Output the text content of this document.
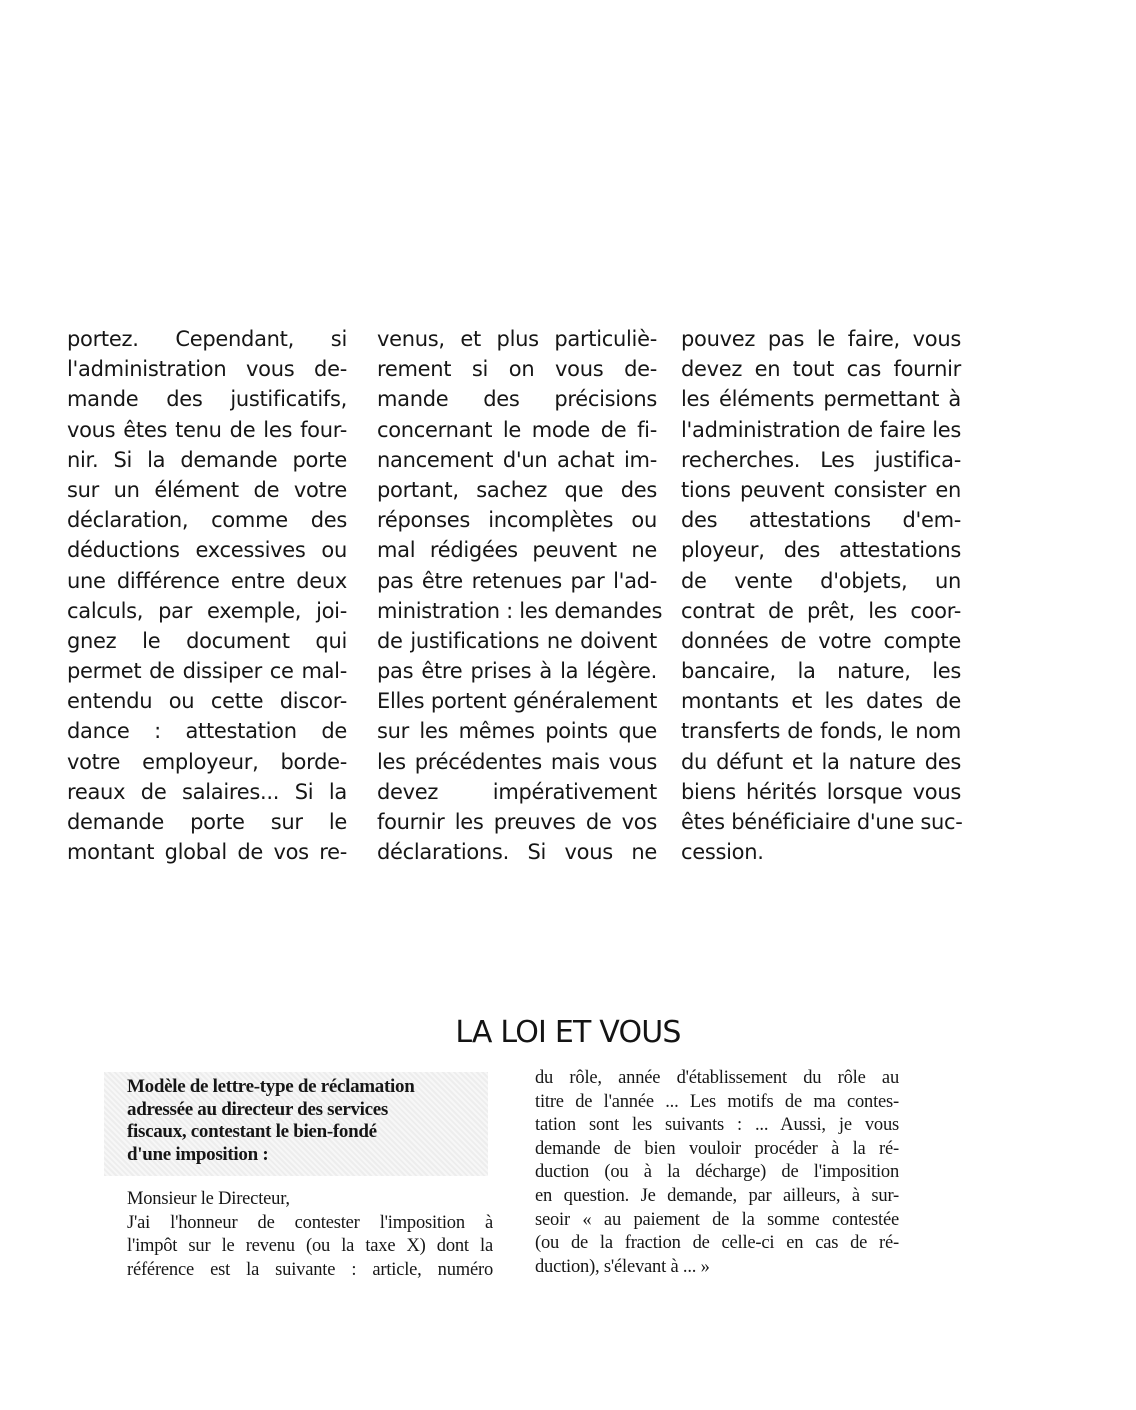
portez. Cependant, si
l'administration vous de-
mande des justificatifs,
vous êtes tenu de les four-
nir. Si la demande porte
sur un élément de votre
déclaration, comme des
déductions excessives ou
une différence entre deux
calculs, par exemple, joi-
gnez le document qui
permet de dissiper ce mal-
entendu ou cette discor-
dance : attestation de
votre employeur, borde-
reaux de salaires... Si la
demande porte sur le
montant global de vos re-
venus, et plus particuliè-
rement si on vous de-
mande des précisions
concernant le mode de fi-
nancement d'un achat im-
portant, sachez que des
réponses incomplètes ou
mal rédigées peuvent ne
pas être retenues par l'ad-
ministration : les demandes
de justifications ne doivent
pas être prises à la légère.
Elles portent généralement
sur les mêmes points que
les précédentes mais vous
devez impérativement
fournir les preuves de vos
déclarations. Si vous ne
pouvez pas le faire, vous
devez en tout cas fournir
les éléments permettant à
l'administration de faire les
recherches. Les justifica-
tions peuvent consister en
des attestations d'em-
ployeur, des attestations
de vente d'objets, un
contrat de prêt, les coor-
données de votre compte
bancaire, la nature, les
montants et les dates de
transferts de fonds, le nom
du défunt et la nature des
biens hérités lorsque vous
êtes bénéficiaire d'une suc-
cession.
LA LOI ET VOUS
Modèle de lettre-type de réclamation
adressée au directeur des services
fiscaux, contestant le bien-fondé
d'une imposition :
Monsieur le Directeur,
J'ai l'honneur de contester l'imposition à
l'impôt sur le revenu (ou la taxe X) dont la
référence est la suivante : article, numéro
du rôle, année d'établissement du rôle au
titre de l'année ... Les motifs de ma contes-
tation sont les suivants : ... Aussi, je vous
demande de bien vouloir procéder à la ré-
duction (ou à la décharge) de l'imposition
en question. Je demande, par ailleurs, à sur-
seoir « au paiement de la somme contestée
(ou de la fraction de celle-ci en cas de ré-
duction), s'élevant à ... »
